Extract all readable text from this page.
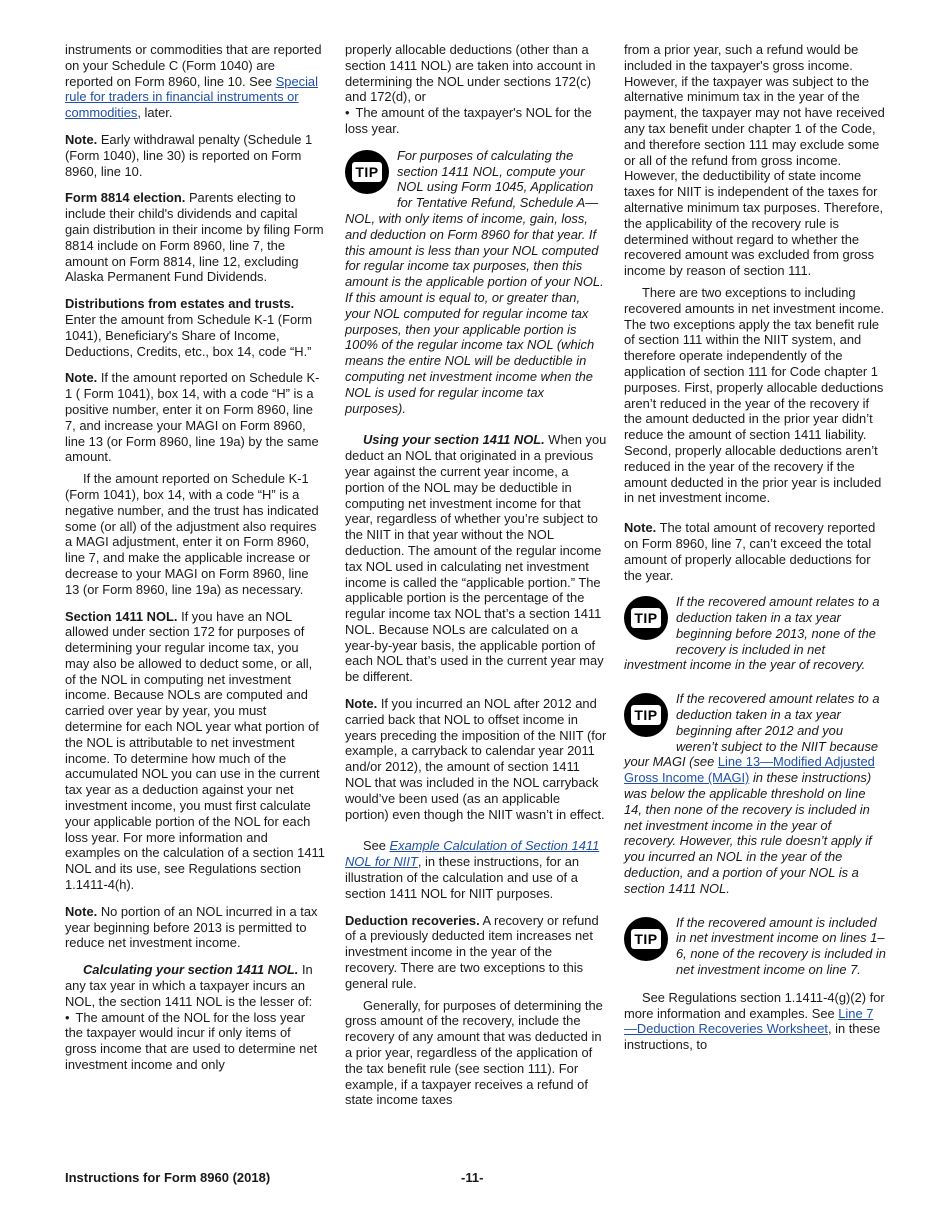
instruments or commodities that are reported on your Schedule C (Form 1040) are reported on Form 8960, line 10. See Special rule for traders in financial instruments or commodities, later.

Note. Early withdrawal penalty (Schedule 1 (Form 1040), line 30) is reported on Form 8960, line 10.

Form 8814 election. Parents electing to include their child's dividends and capital gain distribution in their income by filing Form 8814 include on Form 8960, line 7, the amount on Form 8814, line 12, excluding Alaska Permanent Fund Dividends.

Distributions from estates and trusts. Enter the amount from Schedule K-1 (Form 1041), Beneficiary's Share of Income, Deductions, Credits, etc., box 14, code “H.”

Note. If the amount reported on Schedule K-1 ( Form 1041), box 14, with a code “H” is a positive number, enter it on Form 8960, line 7, and increase your MAGI on Form 8960, line 13 (or Form 8960, line 19a) by the same amount.

If the amount reported on Schedule K-1 (Form 1041), box 14, with a code “H” is a negative number, and the trust has indicated some (or all) of the adjustment also requires a MAGI adjustment, enter it on Form 8960, line 7, and make the applicable increase or decrease to your MAGI on Form 8960, line 13 (or Form 8960, line 19a) as necessary.

Section 1411 NOL. If you have an NOL allowed under section 172 for purposes of determining your regular income tax, you may also be allowed to deduct some, or all, of the NOL in computing net investment income. Because NOLs are computed and carried over year by year, you must determine for each NOL year what portion of the NOL is attributable to net investment income. To determine how much of the accumulated NOL you can use in the current tax year as a deduction against your net investment income, you must first calculate your applicable portion of the NOL for each loss year. For more information and examples on the calculation of a section 1411 NOL and its use, see Regulations section 1.1411-4(h).

Note. No portion of an NOL incurred in a tax year beginning before 2013 is permitted to reduce net investment income.

Calculating your section 1411 NOL. In any tax year in which a taxpayer incurs an NOL, the section 1411 NOL is the lesser of:

• The amount of the NOL for the loss year the taxpayer would incur if only items of gross income that are used to determine net investment income and only

properly allocable deductions (other than a section 1411 NOL) are taken into account in determining the NOL under sections 172(c) and 172(d), or

• The amount of the taxpayer's NOL for the loss year.

TIP
For purposes of calculating the section 1411 NOL, compute your NOL using Form 1045, Application for Tentative Refund, Schedule A—NOL, with only items of income, gain, loss, and deduction on Form 8960 for that year. If this amount is less than your NOL computed for regular income tax purposes, then this amount is the applicable portion of your NOL. If this amount is equal to, or greater than, your NOL computed for regular income tax purposes, then your applicable portion is 100% of the regular income tax NOL (which means the entire NOL will be deductible in computing net investment income when the NOL is used for regular income tax purposes).

Using your section 1411 NOL. When you deduct an NOL that originated in a previous year against the current year income, a portion of the NOL may be deductible in computing net investment income for that year, regardless of whether you’re subject to the NIIT in that year without the NOL deduction. The amount of the regular income tax NOL used in calculating net investment income is called the “applicable portion.” The applicable portion is the percentage of the regular income tax NOL that’s a section 1411 NOL. Because NOLs are calculated on a year-by-year basis, the applicable portion of each NOL that’s used in the current year may be different.

Note. If you incurred an NOL after 2012 and carried back that NOL to offset income in years preceding the imposition of the NIIT (for example, a carryback to calendar year 2011 and/or 2012), the amount of section 1411 NOL that was included in the NOL carryback would’ve been used (as an applicable portion) even though the NIIT wasn’t in effect.

See Example Calculation of Section 1411 NOL for NIIT, in these instructions, for an illustration of the calculation and use of a section 1411 NOL for NIIT purposes.

Deduction recoveries. A recovery or refund of a previously deducted item increases net investment income in the year of the recovery. There are two exceptions to this general rule.

Generally, for purposes of determining the gross amount of the recovery, include the recovery of any amount that was deducted in a prior year, regardless of the application of the tax benefit rule (see section 111). For example, if a taxpayer receives a refund of state income taxes

from a prior year, such a refund would be included in the taxpayer's gross income. However, if the taxpayer was subject to the alternative minimum tax in the year of the payment, the taxpayer may not have received any tax benefit under chapter 1 of the Code, and therefore section 111 may exclude some or all of the refund from gross income. However, the deductibility of state income taxes for NIIT is independent of the taxes for alternative minimum tax purposes. Therefore, the applicability of the recovery rule is determined without regard to whether the recovered amount was excluded from gross income by reason of section 111.

There are two exceptions to including recovered amounts in net investment income. The two exceptions apply the tax benefit rule of section 111 within the NIIT system, and therefore operate independently of the application of section 111 for Code chapter 1 purposes. First, properly allocable deductions aren’t reduced in the year of the recovery if the amount deducted in the prior year didn’t reduce the amount of section 1411 liability. Second, properly allocable deductions aren’t reduced in the year of the recovery if the amount deducted in the prior year is included in net investment income.

Note. The total amount of recovery reported on Form 8960, line 7, can’t exceed the total amount of properly allocable deductions for the year.

TIP
If the recovered amount relates to a deduction taken in a tax year beginning before 2013, none of the recovery is included in net investment income in the year of recovery.
TIP
If the recovered amount relates to a deduction taken in a tax year beginning after 2012 and you weren’t subject to the NIIT because your MAGI (see Line 13—Modified Adjusted Gross Income (MAGI) in these instructions) was below the applicable threshold on line 14, then none of the recovery is included in net investment income in the year of recovery. However, this rule doesn’t apply if you incurred an NOL in the year of the deduction, and a portion of your NOL is a section 1411 NOL.
TIP
If the recovered amount is included in net investment income on lines 1–6, none of the recovery is included in net investment income on line 7.

See Regulations section 1.1411-4(g)(2) for more information and examples. See Line 7—Deduction Recoveries Worksheet, in these instructions, to

Instructions for Form 8960 (2018)	-11-
